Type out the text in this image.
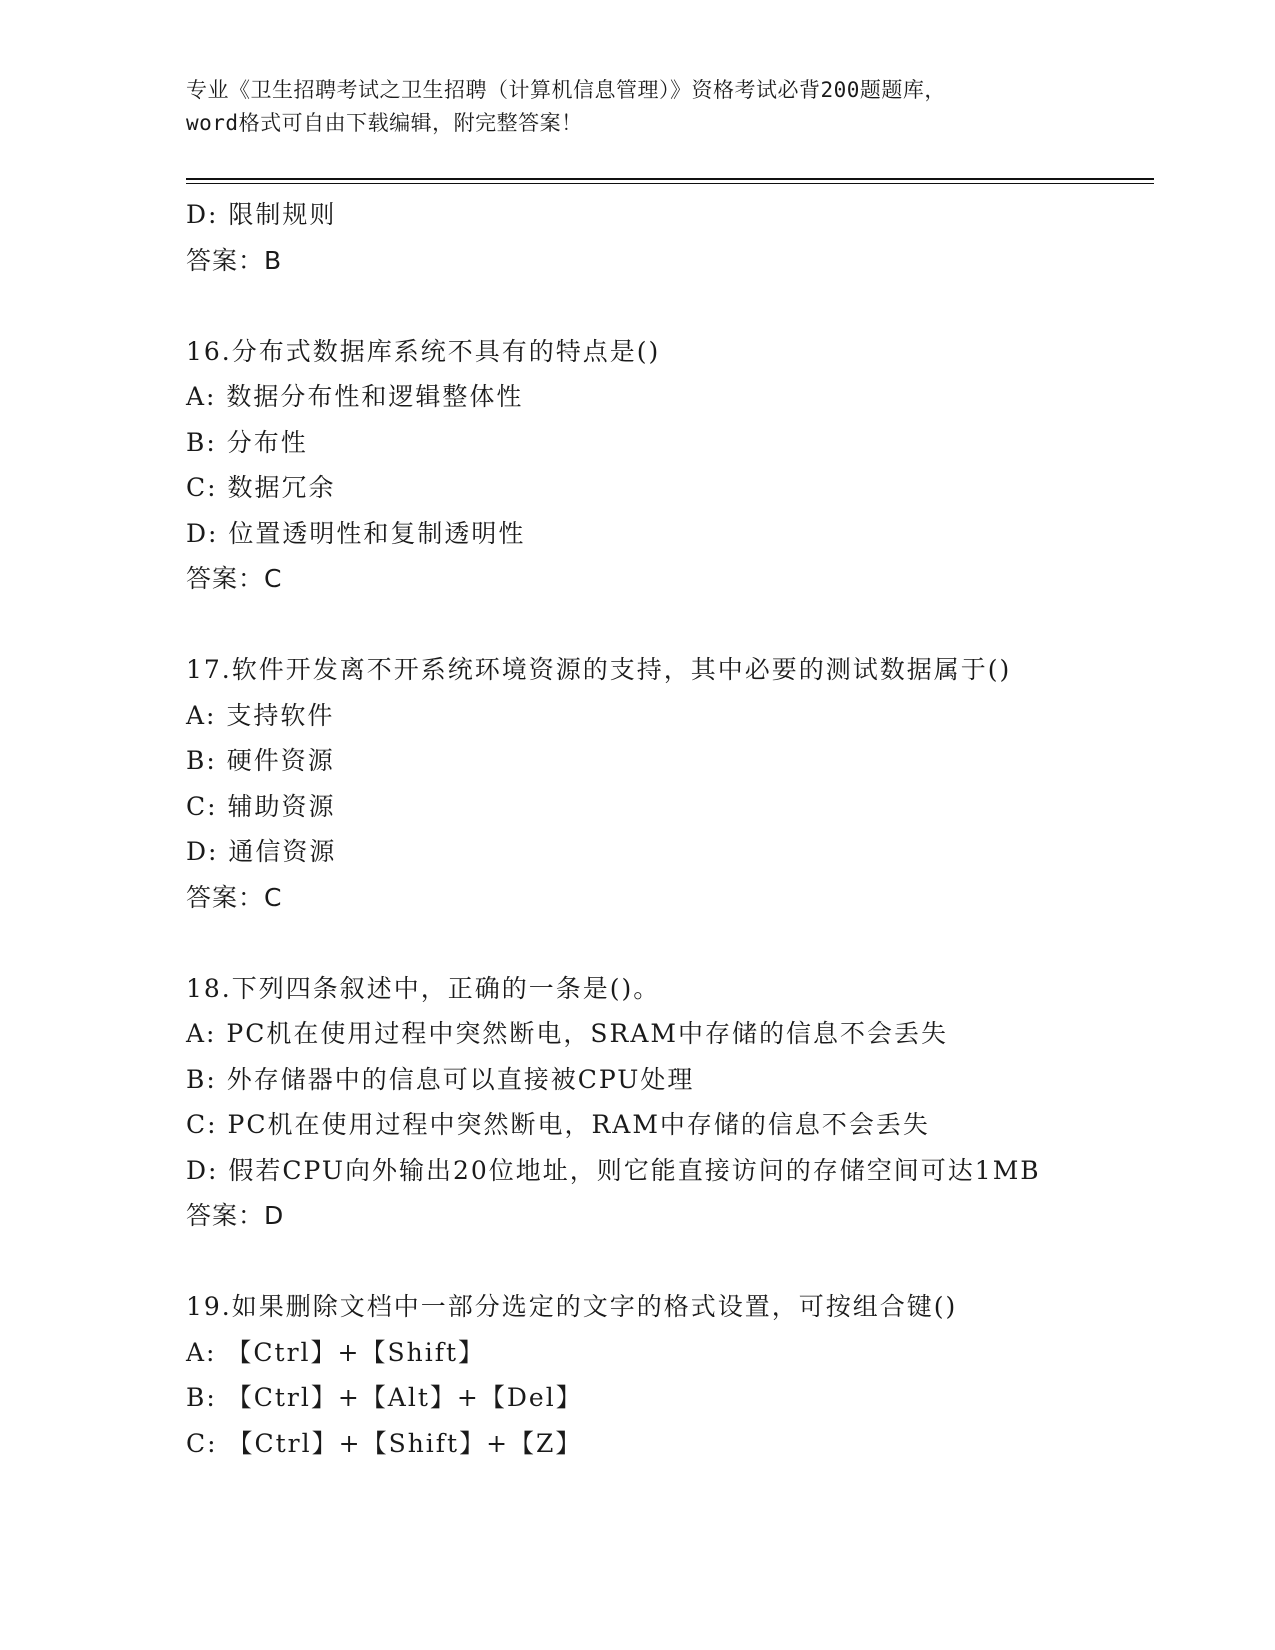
专业《卫生招聘考试之卫生招聘（计算机信息管理）》资格考试必背200题题库，
word格式可自由下载编辑，附完整答案！
D: 限制规则
答案：B
16.分布式数据库系统不具有的特点是()
A: 数据分布性和逻辑整体性
B: 分布性
C: 数据冗余
D: 位置透明性和复制透明性
答案：C
17.软件开发离不开系统环境资源的支持，其中必要的测试数据属于()
A: 支持软件
B: 硬件资源
C: 辅助资源
D: 通信资源
答案：C
18.下列四条叙述中，正确的一条是()。
A: PC机在使用过程中突然断电，SRAM中存储的信息不会丢失
B: 外存储器中的信息可以直接被CPU处理
C: PC机在使用过程中突然断电，RAM中存储的信息不会丢失
D: 假若CPU向外输出20位地址，则它能直接访问的存储空间可达1MB
答案：D
19.如果删除文档中一部分选定的文字的格式设置，可按组合键()
A: 【Ctrl】+【Shift】
B: 【Ctrl】+【Alt】+【Del】
C: 【Ctrl】+【Shift】+【Z】
